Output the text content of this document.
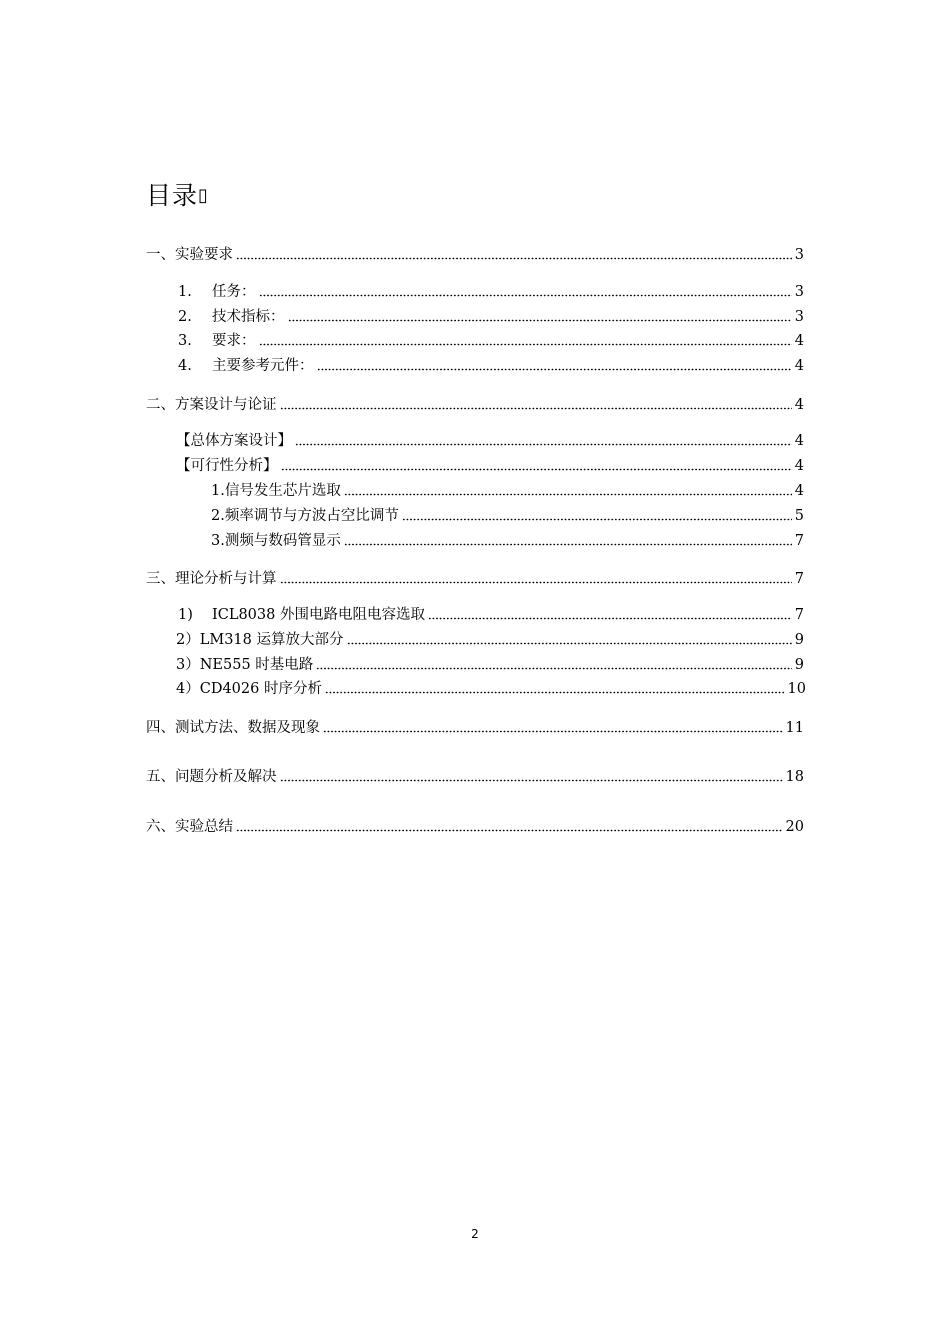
目录▯
一、实验要求	3
1.	任务：	3
2.	技术指标：	3
3.	要求：	4
4.	主要参考元件：	4
二、方案设计与论证	4
【总体方案设计】	4
【可行性分析】	4
1.信号发生芯片选取	4
2.频率调节与方波占空比调节	5
3.测频与数码管显示	7
三、理论分析与计算	7
1)	ICL8038 外围电路电阻电容选取	7
2）LM318 运算放大部分	9
3）NE555 时基电路	9
4）CD4026 时序分析	10
四、测试方法、数据及现象	11
五、问题分析及解决	18
六、实验总结	20
2
